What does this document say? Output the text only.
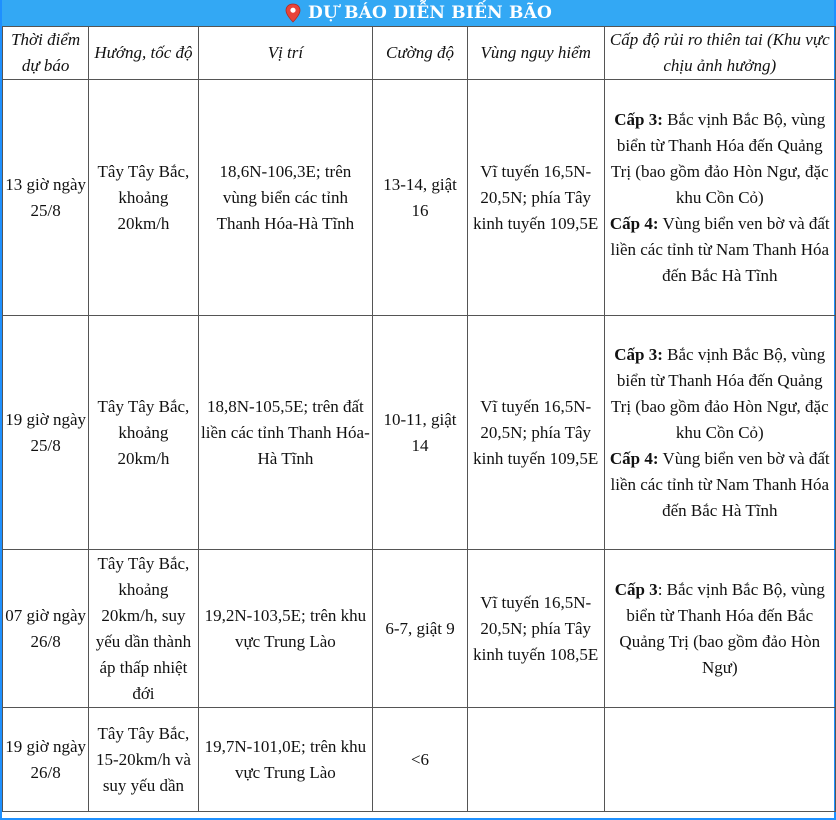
DỰ BÁO DIỄN BIẾN BÃO
Thời điểm dự báo	Hướng, tốc độ	Vị trí	Cường độ	Vùng nguy hiểm	Cấp độ rủi ro thiên tai (Khu vực chịu ảnh hưởng)
13 giờ ngày 25/8	Tây Tây Bắc, khoảng 20km/h	18,6N-106,3E; trên vùng biển các tỉnh Thanh Hóa-Hà Tĩnh	13-14, giật 16	Vĩ tuyến 16,5N-20,5N; phía Tây kinh tuyến 109,5E	Cấp 3: Bắc vịnh Bắc Bộ, vùng biển từ Thanh Hóa đến Quảng Trị (bao gồm đảo Hòn Ngư, đặc khu Cồn Cỏ)
Cấp 4: Vùng biển ven bờ và đất liền các tỉnh từ Nam Thanh Hóa đến Bắc Hà Tĩnh

19 giờ ngày 25/8	Tây Tây Bắc, khoảng 20km/h	18,8N-105,5E; trên đất liền các tỉnh Thanh Hóa-Hà Tĩnh	10-11, giật 14	Vĩ tuyến 16,5N-20,5N; phía Tây kinh tuyến 109,5E	Cấp 3: Bắc vịnh Bắc Bộ, vùng biển từ Thanh Hóa đến Quảng Trị (bao gồm đảo Hòn Ngư, đặc khu Cồn Cỏ)
Cấp 4: Vùng biển ven bờ và đất liền các tỉnh từ Nam Thanh Hóa đến Bắc Hà Tĩnh

07 giờ ngày 26/8	Tây Tây Bắc, khoảng 20km/h, suy yếu dần thành áp thấp nhiệt đới	19,2N-103,5E; trên khu vực Trung Lào	6-7, giật 9	Vĩ tuyến 16,5N-20,5N; phía Tây kinh tuyến 108,5E	Cấp 3: Bắc vịnh Bắc Bộ, vùng biển từ Thanh Hóa đến Bắc Quảng Trị (bao gồm đảo Hòn Ngư)

19 giờ ngày 26/8	Tây Tây Bắc, 15-20km/h và suy yếu dần	19,7N-101,0E; trên khu vực Trung Lào	<6		
